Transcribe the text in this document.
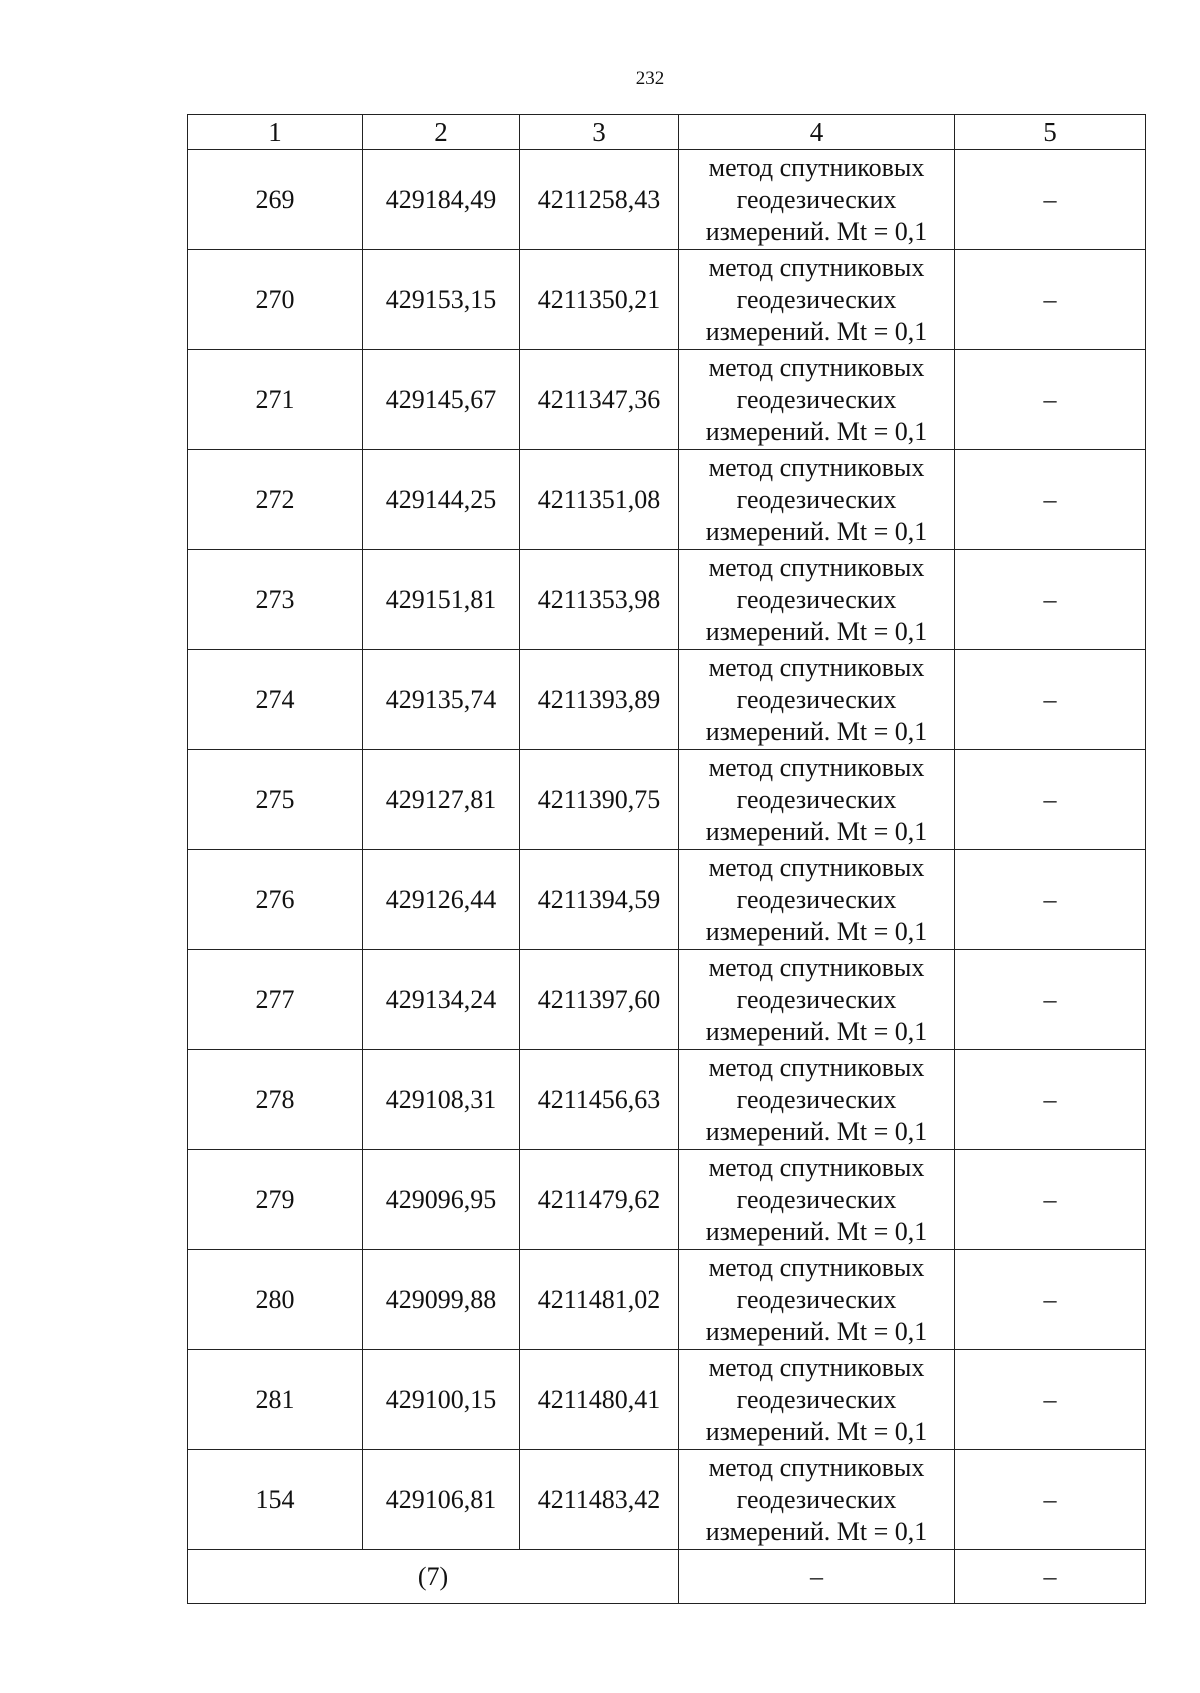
232
1	2	3	4	5
269	429184,49	4211258,43	метод спутниковых
геодезических
измерений. Mt = 0,1	–
270	429153,15	4211350,21	метод спутниковых
геодезических
измерений. Mt = 0,1	–
271	429145,67	4211347,36	метод спутниковых
геодезических
измерений. Mt = 0,1	–
272	429144,25	4211351,08	метод спутниковых
геодезических
измерений. Mt = 0,1	–
273	429151,81	4211353,98	метод спутниковых
геодезических
измерений. Mt = 0,1	–
274	429135,74	4211393,89	метод спутниковых
геодезических
измерений. Mt = 0,1	–
275	429127,81	4211390,75	метод спутниковых
геодезических
измерений. Mt = 0,1	–
276	429126,44	4211394,59	метод спутниковых
геодезических
измерений. Mt = 0,1	–
277	429134,24	4211397,60	метод спутниковых
геодезических
измерений. Mt = 0,1	–
278	429108,31	4211456,63	метод спутниковых
геодезических
измерений. Mt = 0,1	–
279	429096,95	4211479,62	метод спутниковых
геодезических
измерений. Mt = 0,1	–
280	429099,88	4211481,02	метод спутниковых
геодезических
измерений. Mt = 0,1	–
281	429100,15	4211480,41	метод спутниковых
геодезических
измерений. Mt = 0,1	–
154	429106,81	4211483,42	метод спутниковых
геодезических
измерений. Mt = 0,1	–
(7)			–	–
